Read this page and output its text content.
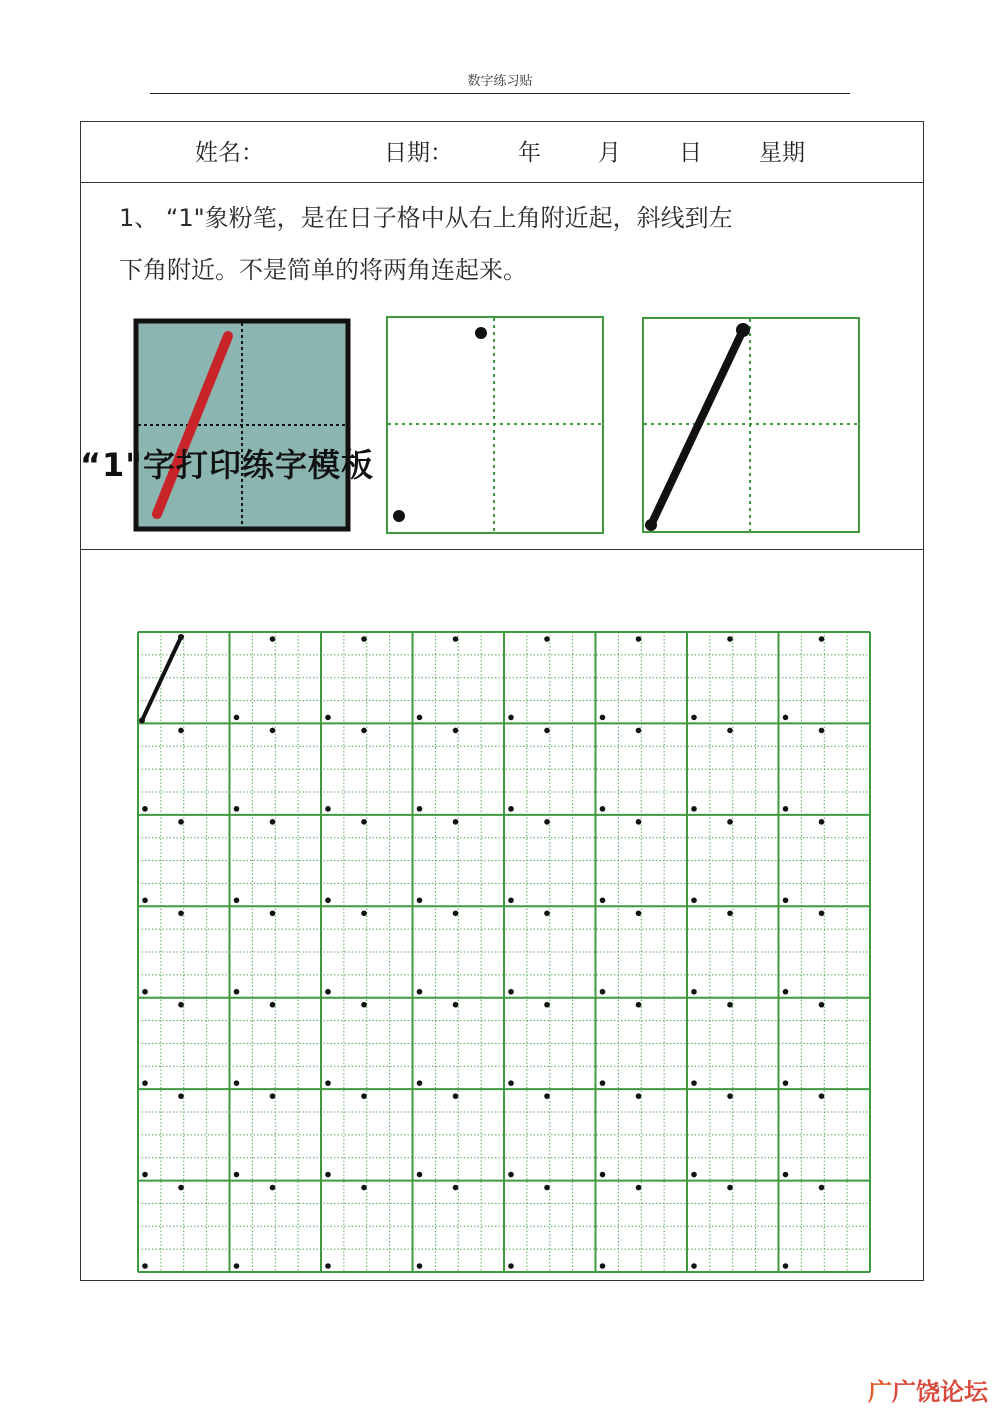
数字练习贴
姓名：	日期：	年 月	日 星期
1、 “1"象粉笔，是在日子格中从右上角附近起，斜线到左
下角附近。不是简单的将两角连起来。
“1"字打印练字模板
广广饶论坛
